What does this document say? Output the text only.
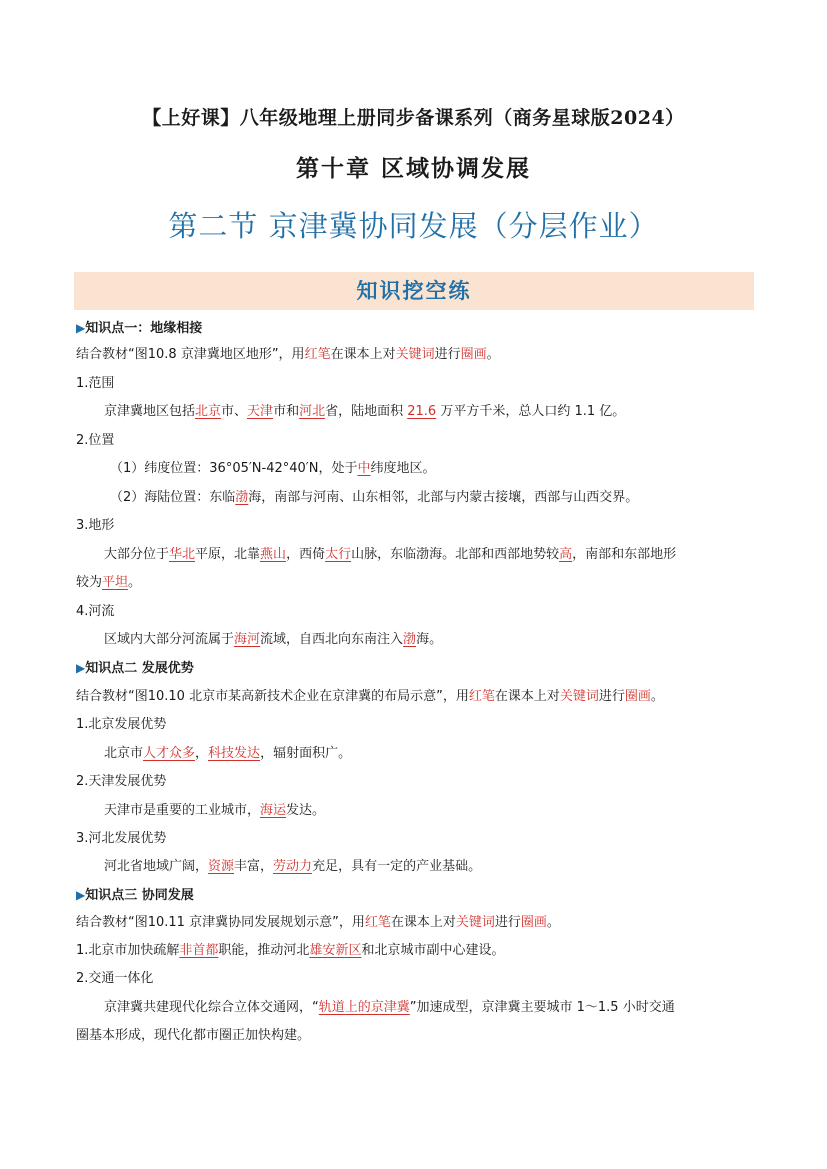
【上好课】八年级地理上册同步备课系列（商务星球版2024）
第十章 区域协调发展
第二节 京津冀协同发展（分层作业）
知识挖空练
▶知识点一：地缘相接
结合教材“图10.8 京津冀地区地形”，用红笔在课本上对关键词进行圈画。
1.范围
京津冀地区包括北京市、天津市和河北省，陆地面积 21.6 万平方千米，总人口约 1.1 亿。
2.位置
（1）纬度位置：36°05′N-42°40′N，处于中纬度地区。
（2）海陆位置：东临渤海，南部与河南、山东相邻，北部与内蒙古接壤，西部与山西交界。
3.地形
大部分位于华北平原，北靠燕山，西倚太行山脉，东临渤海。北部和西部地势较高，南部和东部地形
较为平坦。
4.河流
区域内大部分河流属于海河流域，自西北向东南注入渤海。
▶知识点二 发展优势
结合教材“图10.10 北京市某高新技术企业在京津冀的布局示意”，用红笔在课本上对关键词进行圈画。
1.北京发展优势
北京市人才众多，科技发达，辐射面积广。
2.天津发展优势
天津市是重要的工业城市，海运发达。
3.河北发展优势
河北省地域广阔，资源丰富，劳动力充足，具有一定的产业基础。
▶知识点三 协同发展
结合教材“图10.11 京津冀协同发展规划示意”，用红笔在课本上对关键词进行圈画。
1.北京市加快疏解非首都职能，推动河北雄安新区和北京城市副中心建设。
2.交通一体化
京津冀共建现代化综合立体交通网，“轨道上的京津冀”加速成型，京津冀主要城市 1～1.5 小时交通
圈基本形成，现代化都市圈正加快构建。
